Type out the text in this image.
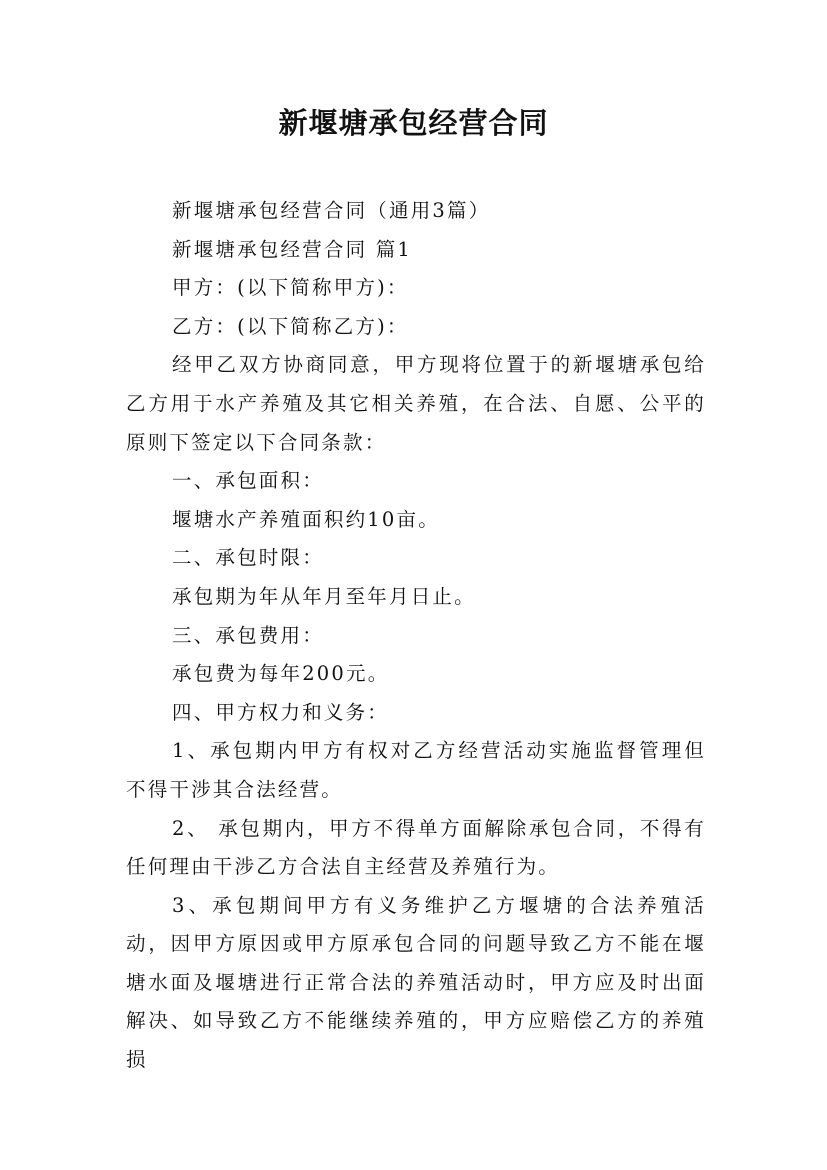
新堰塘承包经营合同

新堰塘承包经营合同（通用3篇）

新堰塘承包经营合同 篇1

甲方：(以下简称甲方)：

乙方：(以下简称乙方)：

经甲乙双方协商同意，甲方现将位置于的新堰塘承包给乙方用于水产养殖及其它相关养殖，在合法、自愿、公平的原则下签定以下合同条款：

一、承包面积：

堰塘水产养殖面积约10亩。

二、承包时限：

承包期为年从年月至年月日止。

三、承包费用：

承包费为每年200元。

四、甲方权力和义务：

1、承包期内甲方有权对乙方经营活动实施监督管理但不得干涉其合法经营。

2、 承包期内，甲方不得单方面解除承包合同，不得有任何理由干涉乙方合法自主经营及养殖行为。

3、承包期间甲方有义务维护乙方堰塘的合法养殖活动，因甲方原因或甲方原承包合同的问题导致乙方不能在堰塘水面及堰塘进行正常合法的养殖活动时，甲方应及时出面解决、如导致乙方不能继续养殖的，甲方应赔偿乙方的养殖损
